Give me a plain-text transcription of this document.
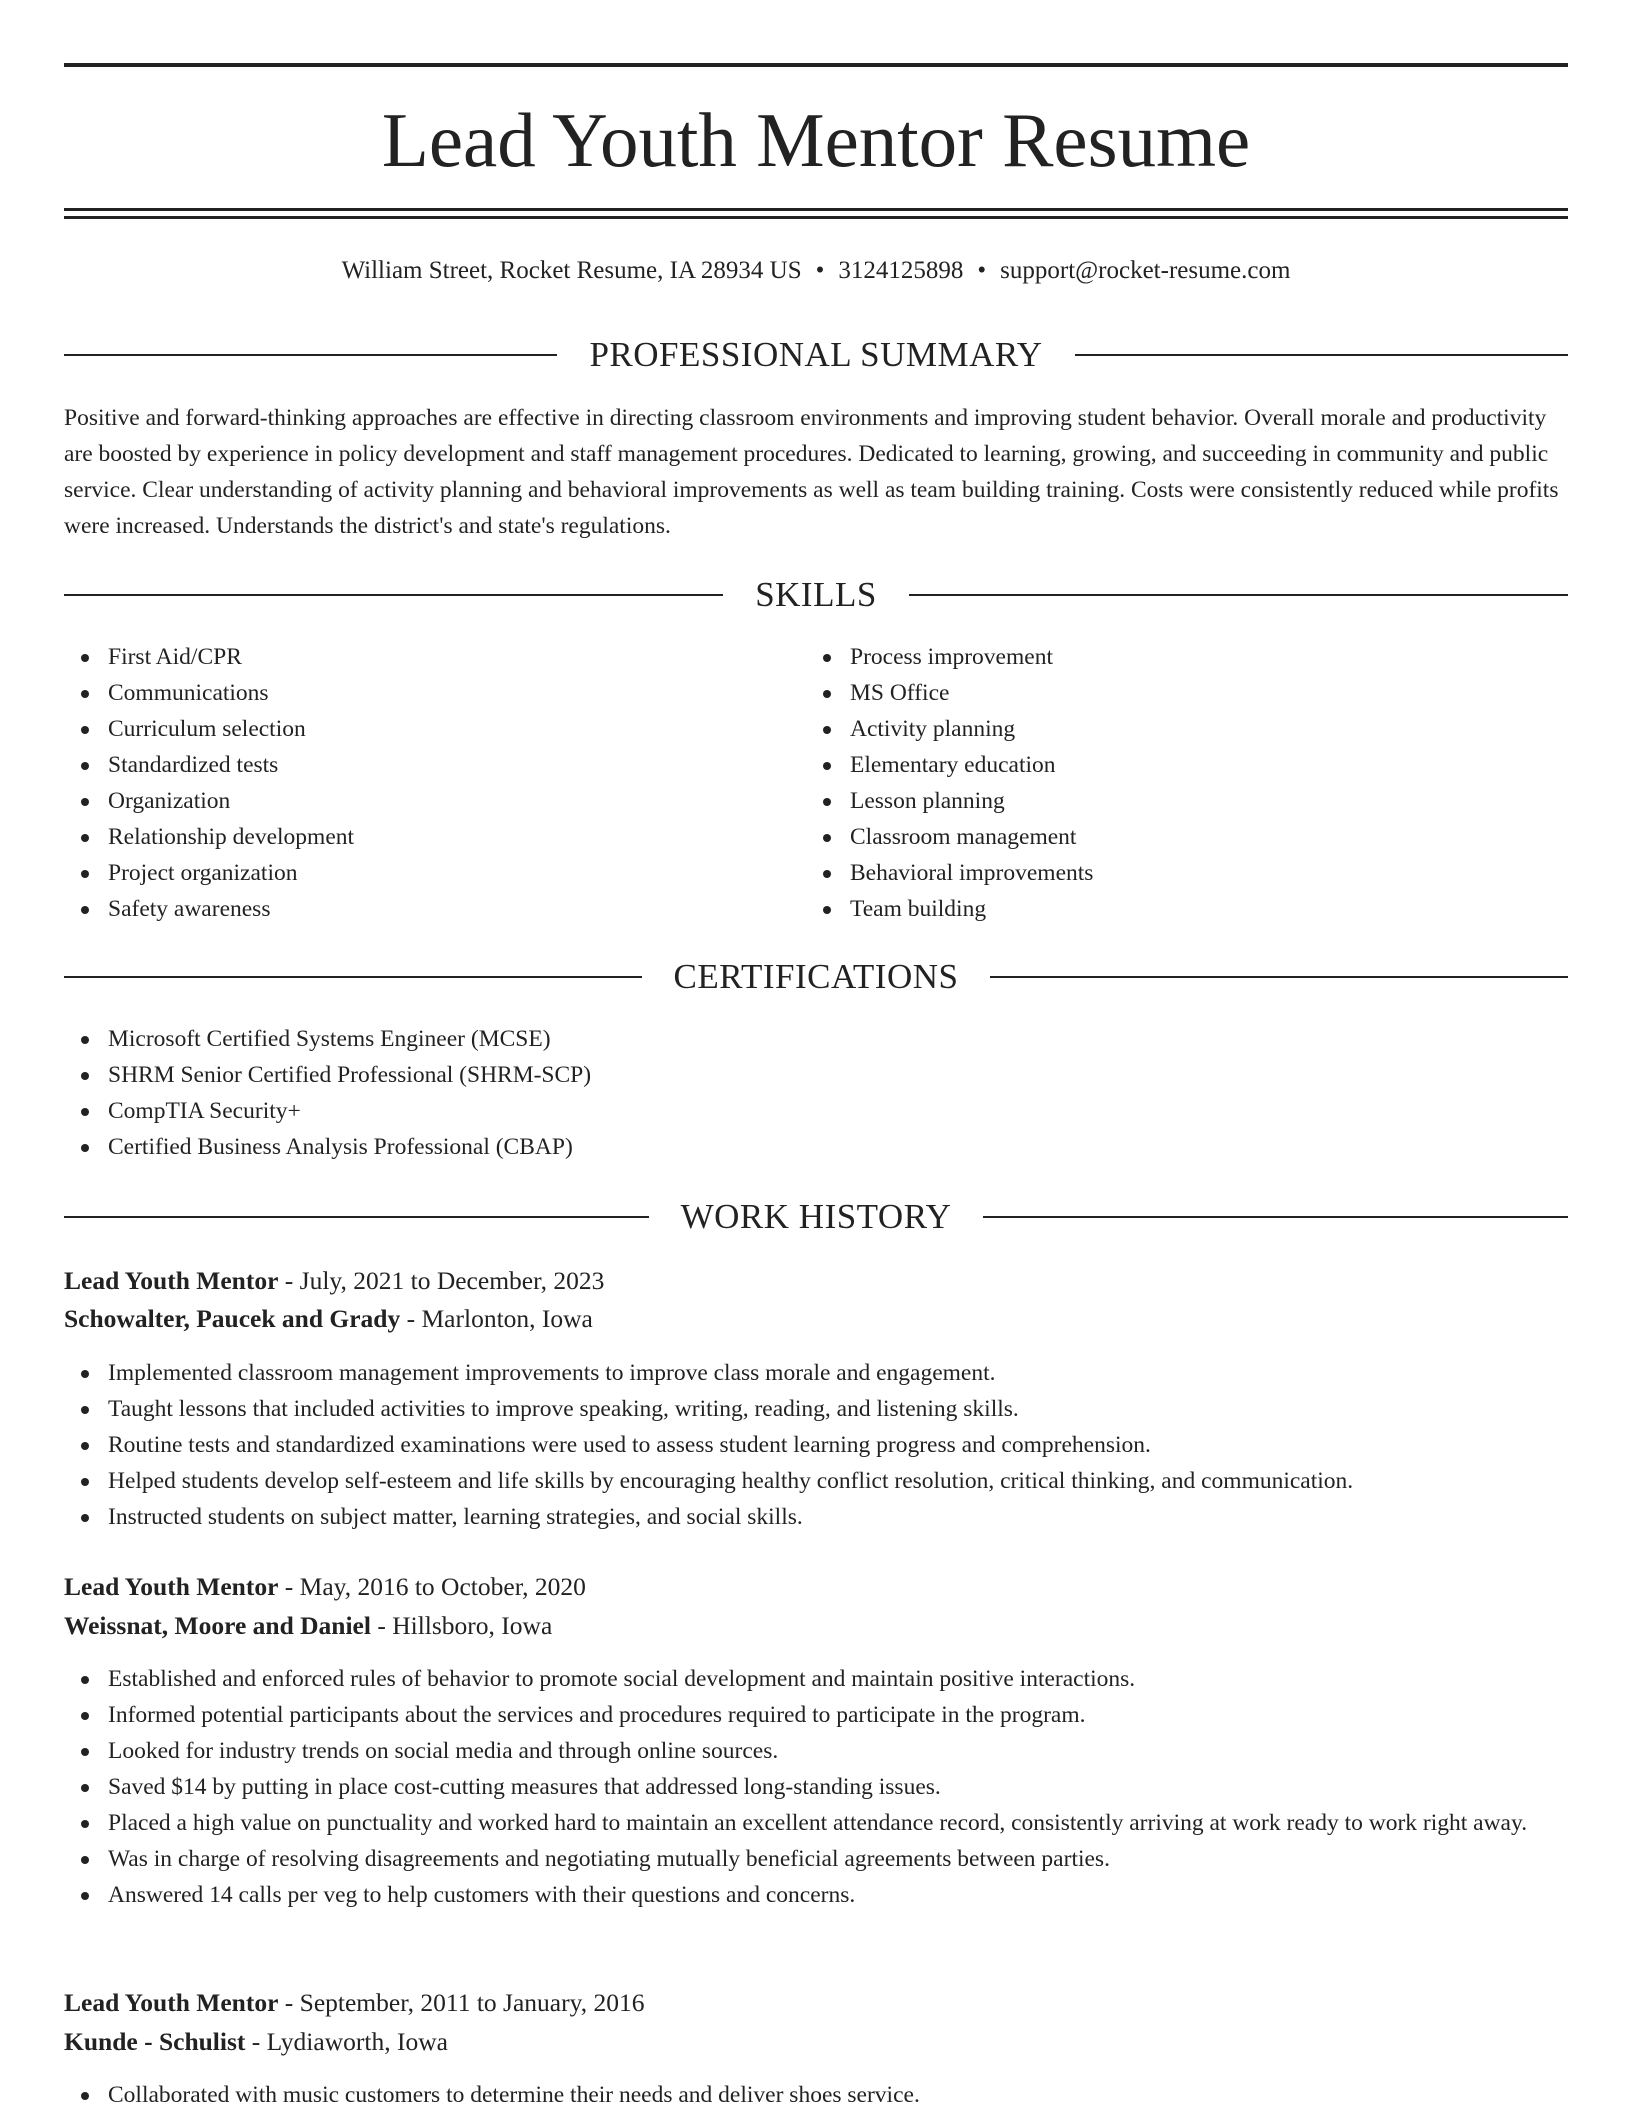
Lead Youth Mentor Resume
William Street, Rocket Resume, IA 28934 US • 3124125898 • support@rocket-resume.com
PROFESSIONAL SUMMARY

Positive and forward-thinking approaches are effective in directing classroom environments and improving student behavior. Overall morale and productivity are boosted by experience in policy development and staff management procedures. Dedicated to learning, growing, and succeeding in community and public service. Clear understanding of activity planning and behavioral improvements as well as team building training. Costs were consistently reduced while profits were increased. Understands the district's and state's regulations.

SKILLS
First Aid/CPR
Communications
Curriculum selection
Standardized tests
Organization
Relationship development
Project organization
Safety awareness
Process improvement
MS Office
Activity planning
Elementary education
Lesson planning
Classroom management
Behavioral improvements
Team building
CERTIFICATIONS
Microsoft Certified Systems Engineer (MCSE)
SHRM Senior Certified Professional (SHRM-SCP)
CompTIA Security+
Certified Business Analysis Professional (CBAP)
WORK HISTORY
Lead Youth Mentor - July, 2021 to December, 2023
Schowalter, Paucek and Grady - Marlonton, Iowa
Implemented classroom management improvements to improve class morale and engagement.
Taught lessons that included activities to improve speaking, writing, reading, and listening skills.
Routine tests and standardized examinations were used to assess student learning progress and comprehension.
Helped students develop self-esteem and life skills by encouraging healthy conflict resolution, critical thinking, and communication.
Instructed students on subject matter, learning strategies, and social skills.
Lead Youth Mentor - May, 2016 to October, 2020
Weissnat, Moore and Daniel - Hillsboro, Iowa
Established and enforced rules of behavior to promote social development and maintain positive interactions.
Informed potential participants about the services and procedures required to participate in the program.
Looked for industry trends on social media and through online sources.
Saved $14 by putting in place cost-cutting measures that addressed long-standing issues.
Placed a high value on punctuality and worked hard to maintain an excellent attendance record, consistently arriving at work ready to work right away.
Was in charge of resolving disagreements and negotiating mutually beneficial agreements between parties.
Answered 14 calls per veg to help customers with their questions and concerns.
Lead Youth Mentor - September, 2011 to January, 2016
Kunde - Schulist - Lydiaworth, Iowa
Collaborated with music customers to determine their needs and deliver shoes service.
